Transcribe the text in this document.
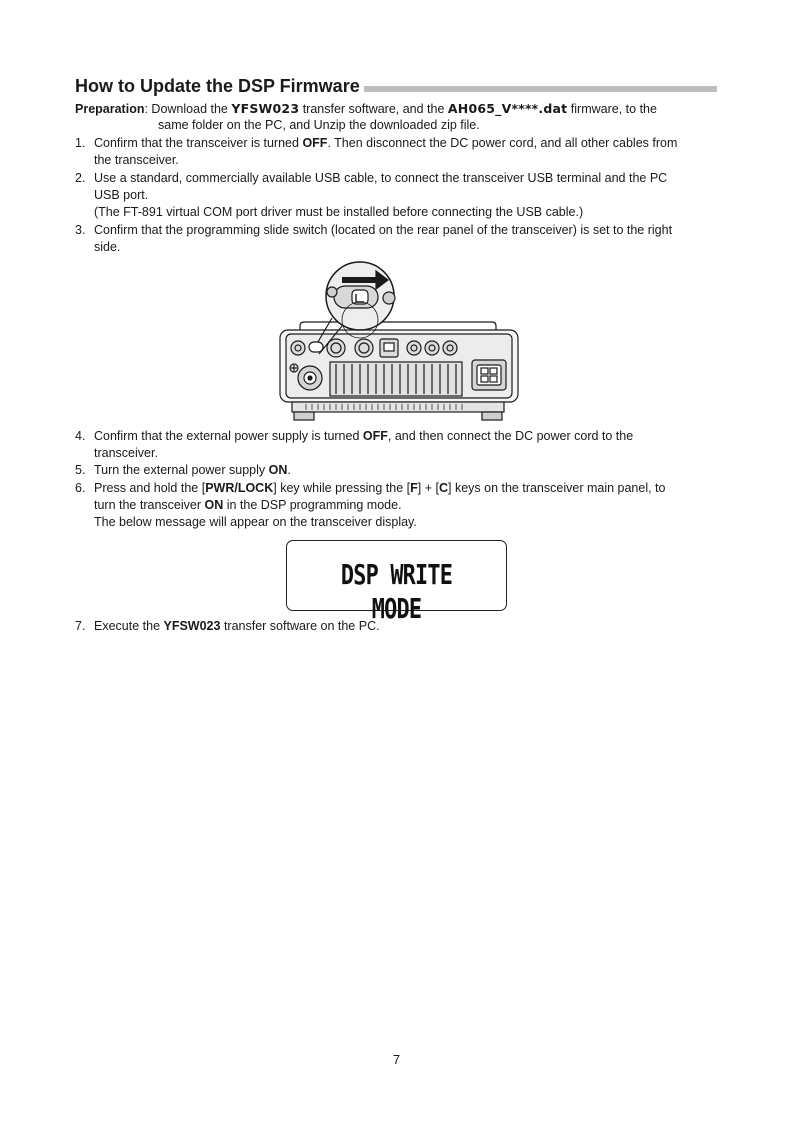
How to Update the DSP Firmware
Preparation: Download the YFSW023 transfer software, and the AH065_V****.dat firmware, to the
same folder on the PC, and Unzip the downloaded zip file.
1. Confirm that the transceiver is turned OFF. Then disconnect the DC power cord, and all other cables from
the transceiver.
2. Use a standard, commercially available USB cable, to connect the transceiver USB terminal and the PC
USB port.
(The FT-891 virtual COM port driver must be installed before connecting the USB cable.)
3. Confirm that the programming slide switch (located on the rear panel of the transceiver) is set to the right
side.
4. Confirm that the external power supply is turned OFF, and then connect the DC power cord to the
transceiver.
5. Turn the external power supply ON.
6. Press and hold the [PWR/LOCK] key while pressing the [F] + [C] keys on the transceiver main panel, to
turn the transceiver ON in the DSP programming mode.
The below message will appear on the transceiver display.
DSP WRITE MODE
7. Execute the YFSW023 transfer software on the PC.
7
